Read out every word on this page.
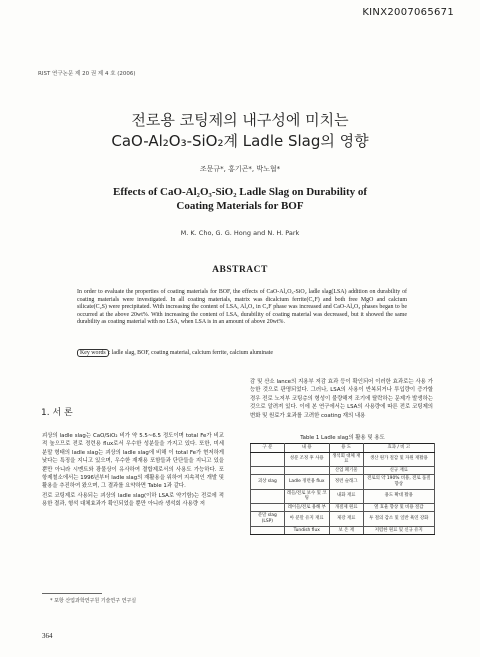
KINX2007065671
RIST 연구논문 제 20 권 제 4 호 (2006)
전로용 코팅제의 내구성에 미치는
CaO-Al₂O₃-SiO₂계 Ladle Slag의 영향
조문규*, 홍기곤*, 박노협*
Effects of CaO-Al₂O₃-SiO₂ Ladle Slag on Durability of
Coating Materials for BOF
M. K. Cho, G. G. Hong and N. H. Park
ABSTRACT
In order to evaluate the properties of coating materials for BOF, the effects of CaO-Al₂O₃-SiO₂ ladle slag(LSA) addition on durability of coating materials were investigated. In all coating materials, matrix was dicalcium ferrite(C₂F) and both free MgO and calcium silicate(C₂S) were precipitated. With increasing the content of LSA, Al₂O₃ in C₂F phase was increased and CaO-Al₂O₃ phases began to be occurred at the above 20wt%. With increasing the content of LSA, durability of coating material was decreased, but it showed the same durability as coating material with no LSA, when LSA is in an amount of above 20wt%.
Key words : ladle slag, BOF, coating material, calcium ferrite, calcium aluminate
1. 서 론

괴상의 ladle slag는 CaO/SiO₂ 비가 약 5.5~6.5 정도이며 total Fe가 비교적 높으므로 전로 정련용 flux로서 우수한 성분들을 가지고 있다. 또한, 미세 분말 형태의 ladle slag는 괴상의 ladle slag에 비해 이 total Fe가 현저하게 낮다는 특징을 지니고 있으며, 우수한 재재용 포함들과 단단들을 지니고 있을 뿐만 아니라 시멘트와 광물상이 유사하여 결합제로서의 사용도 가능하다. 포항제철소에서는 1996년부터 ladle slag의 재활용을 위하여 지속적인 개발 및 활용을 추진하여 왔으며, 그 결과를 요약하면 Table 1과 같다.

전로 코팅제로 사용되는 괴상의 ladle slag(이하 LSA로 약기함)는 전로에 적용한 결과, 형석 대체효과가 확인되었을 뿐만 아니라 생석회 사용량 저

감 및 산소 lance의 지용부 저감 효과 등이 확인되어 이러한 효과로는 사용 가능한 것으로 판명되었다. 그러나, LSA의 사용이 반복되거나 투입량이 증가할 경우 전로 노저부 코팅층의 형성이 불량해져 조기에 탈락하는 문제가 발생하는 것으로 알려져 있다. 이에 본 연구에서는 LSA의 사용량에 따른 전로 코팅제의 변화 및 원료가 효과를 고려한 coating 재의 내용
Table 1 Ladle slag의 활용 및 용도
구 분	내 용	용 도	효과 / 비 고
	성분 조정 후 사용	생석회 대체 재료	생산 원가 절감 및 자원 재활용
		산업 폐기물	신규 재료
괴상 slag	Ladle 정련용 flux	정련 슬래그	전로의 약 190% 비용, 전로 품질 향상
	레들/전로 보수 및 코팅	내화 재료	용도 확대 활용
	레이들/전로 용해 부	개질제 원료	열 효율 향상 및 비용 절감
분말 slag (LSP)	아 분말 유지 재료	제강 재료	투 철의 감소 및 일반 흑연 강화
	Tundish flux	보 온 재	저렴한 원료 및 신규 유지
* 포항 산업과학연구원 기술연구 연구실
364
